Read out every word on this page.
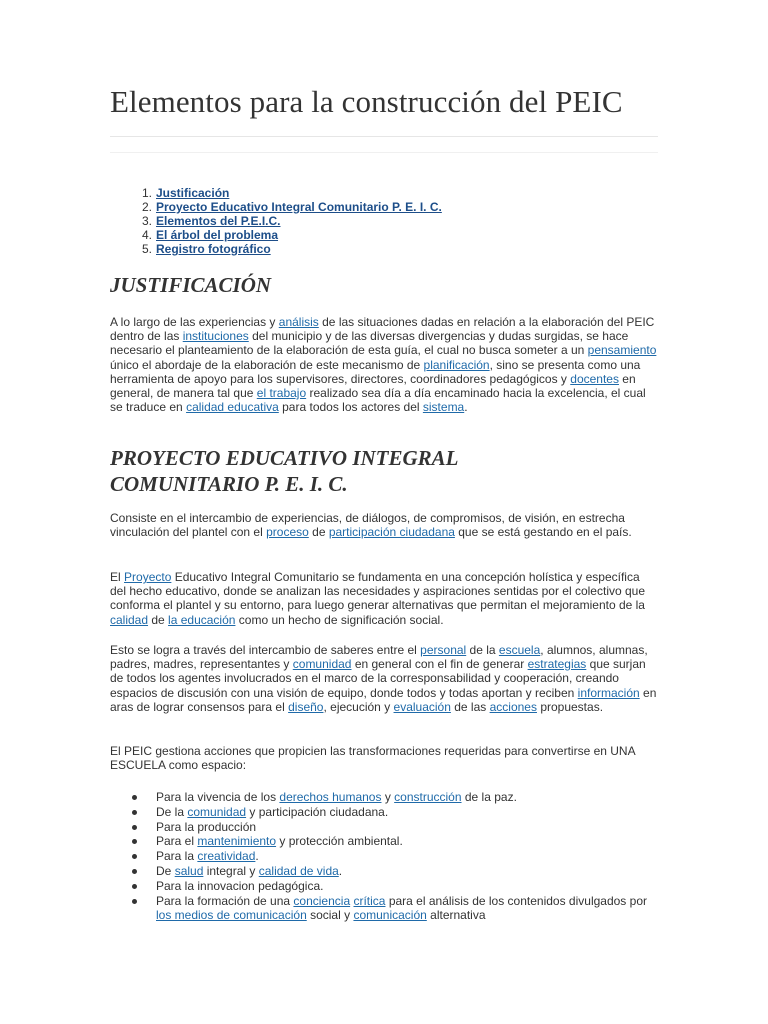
Elementos para la construcción del PEIC
1. Justificación
2. Proyecto Educativo Integral Comunitario P. E. I. C.
3. Elementos del P.E.I.C.
4. El árbol del problema
5. Registro fotográfico
JUSTIFICACIÓN

A lo largo de las experiencias y análisis de las situaciones dadas en relación a la elaboración del PEIC dentro de las instituciones del municipio y de las diversas divergencias y dudas surgidas, se hace necesario el planteamiento de la elaboración de esta guía, el cual no busca someter a un pensamiento único el abordaje de la elaboración de este mecanismo de planificación, sino se presenta como una herramienta de apoyo para los supervisores, directores, coordinadores pedagógicos y docentes en general, de manera tal que el trabajo realizado sea día a día encaminado hacia la excelencia, el cual se traduce en calidad educativa para todos los actores del sistema.

PROYECTO EDUCATIVO INTEGRAL
COMUNITARIO P. E. I. C.

Consiste en el intercambio de experiencias, de diálogos, de compromisos, de visión, en estrecha vinculación del plantel con el proceso de participación ciudadana que se está gestando en el país.

El Proyecto Educativo Integral Comunitario se fundamenta en una concepción holística y específica del hecho educativo, donde se analizan las necesidades y aspiraciones sentidas por el colectivo que conforma el plantel y su entorno, para luego generar alternativas que permitan el mejoramiento de la calidad de la educación como un hecho de significación social.

Esto se logra a través del intercambio de saberes entre el personal de la escuela, alumnos, alumnas, padres, madres, representantes y comunidad en general con el fin de generar estrategias que surjan de todos los agentes involucrados en el marco de la corresponsabilidad y cooperación, creando espacios de discusión con una visión de equipo, donde todos y todas aportan y reciben información en aras de lograr consensos para el diseño, ejecución y evaluación de las acciones propuestas.

El PEIC gestiona acciones que propicien las transformaciones requeridas para convertirse en UNA ESCUELA como espacio:

Para la vivencia de los derechos humanos y construcción de la paz.
De la comunidad y participación ciudadana.
Para la producción
Para el mantenimiento y protección ambiental.
Para la creatividad.
De salud integral y calidad de vida.
Para la innovacion pedagógica.
Para la formación de una conciencia crítica para el análisis de los contenidos divulgados por los medios de comunicación social y comunicación alternativa
